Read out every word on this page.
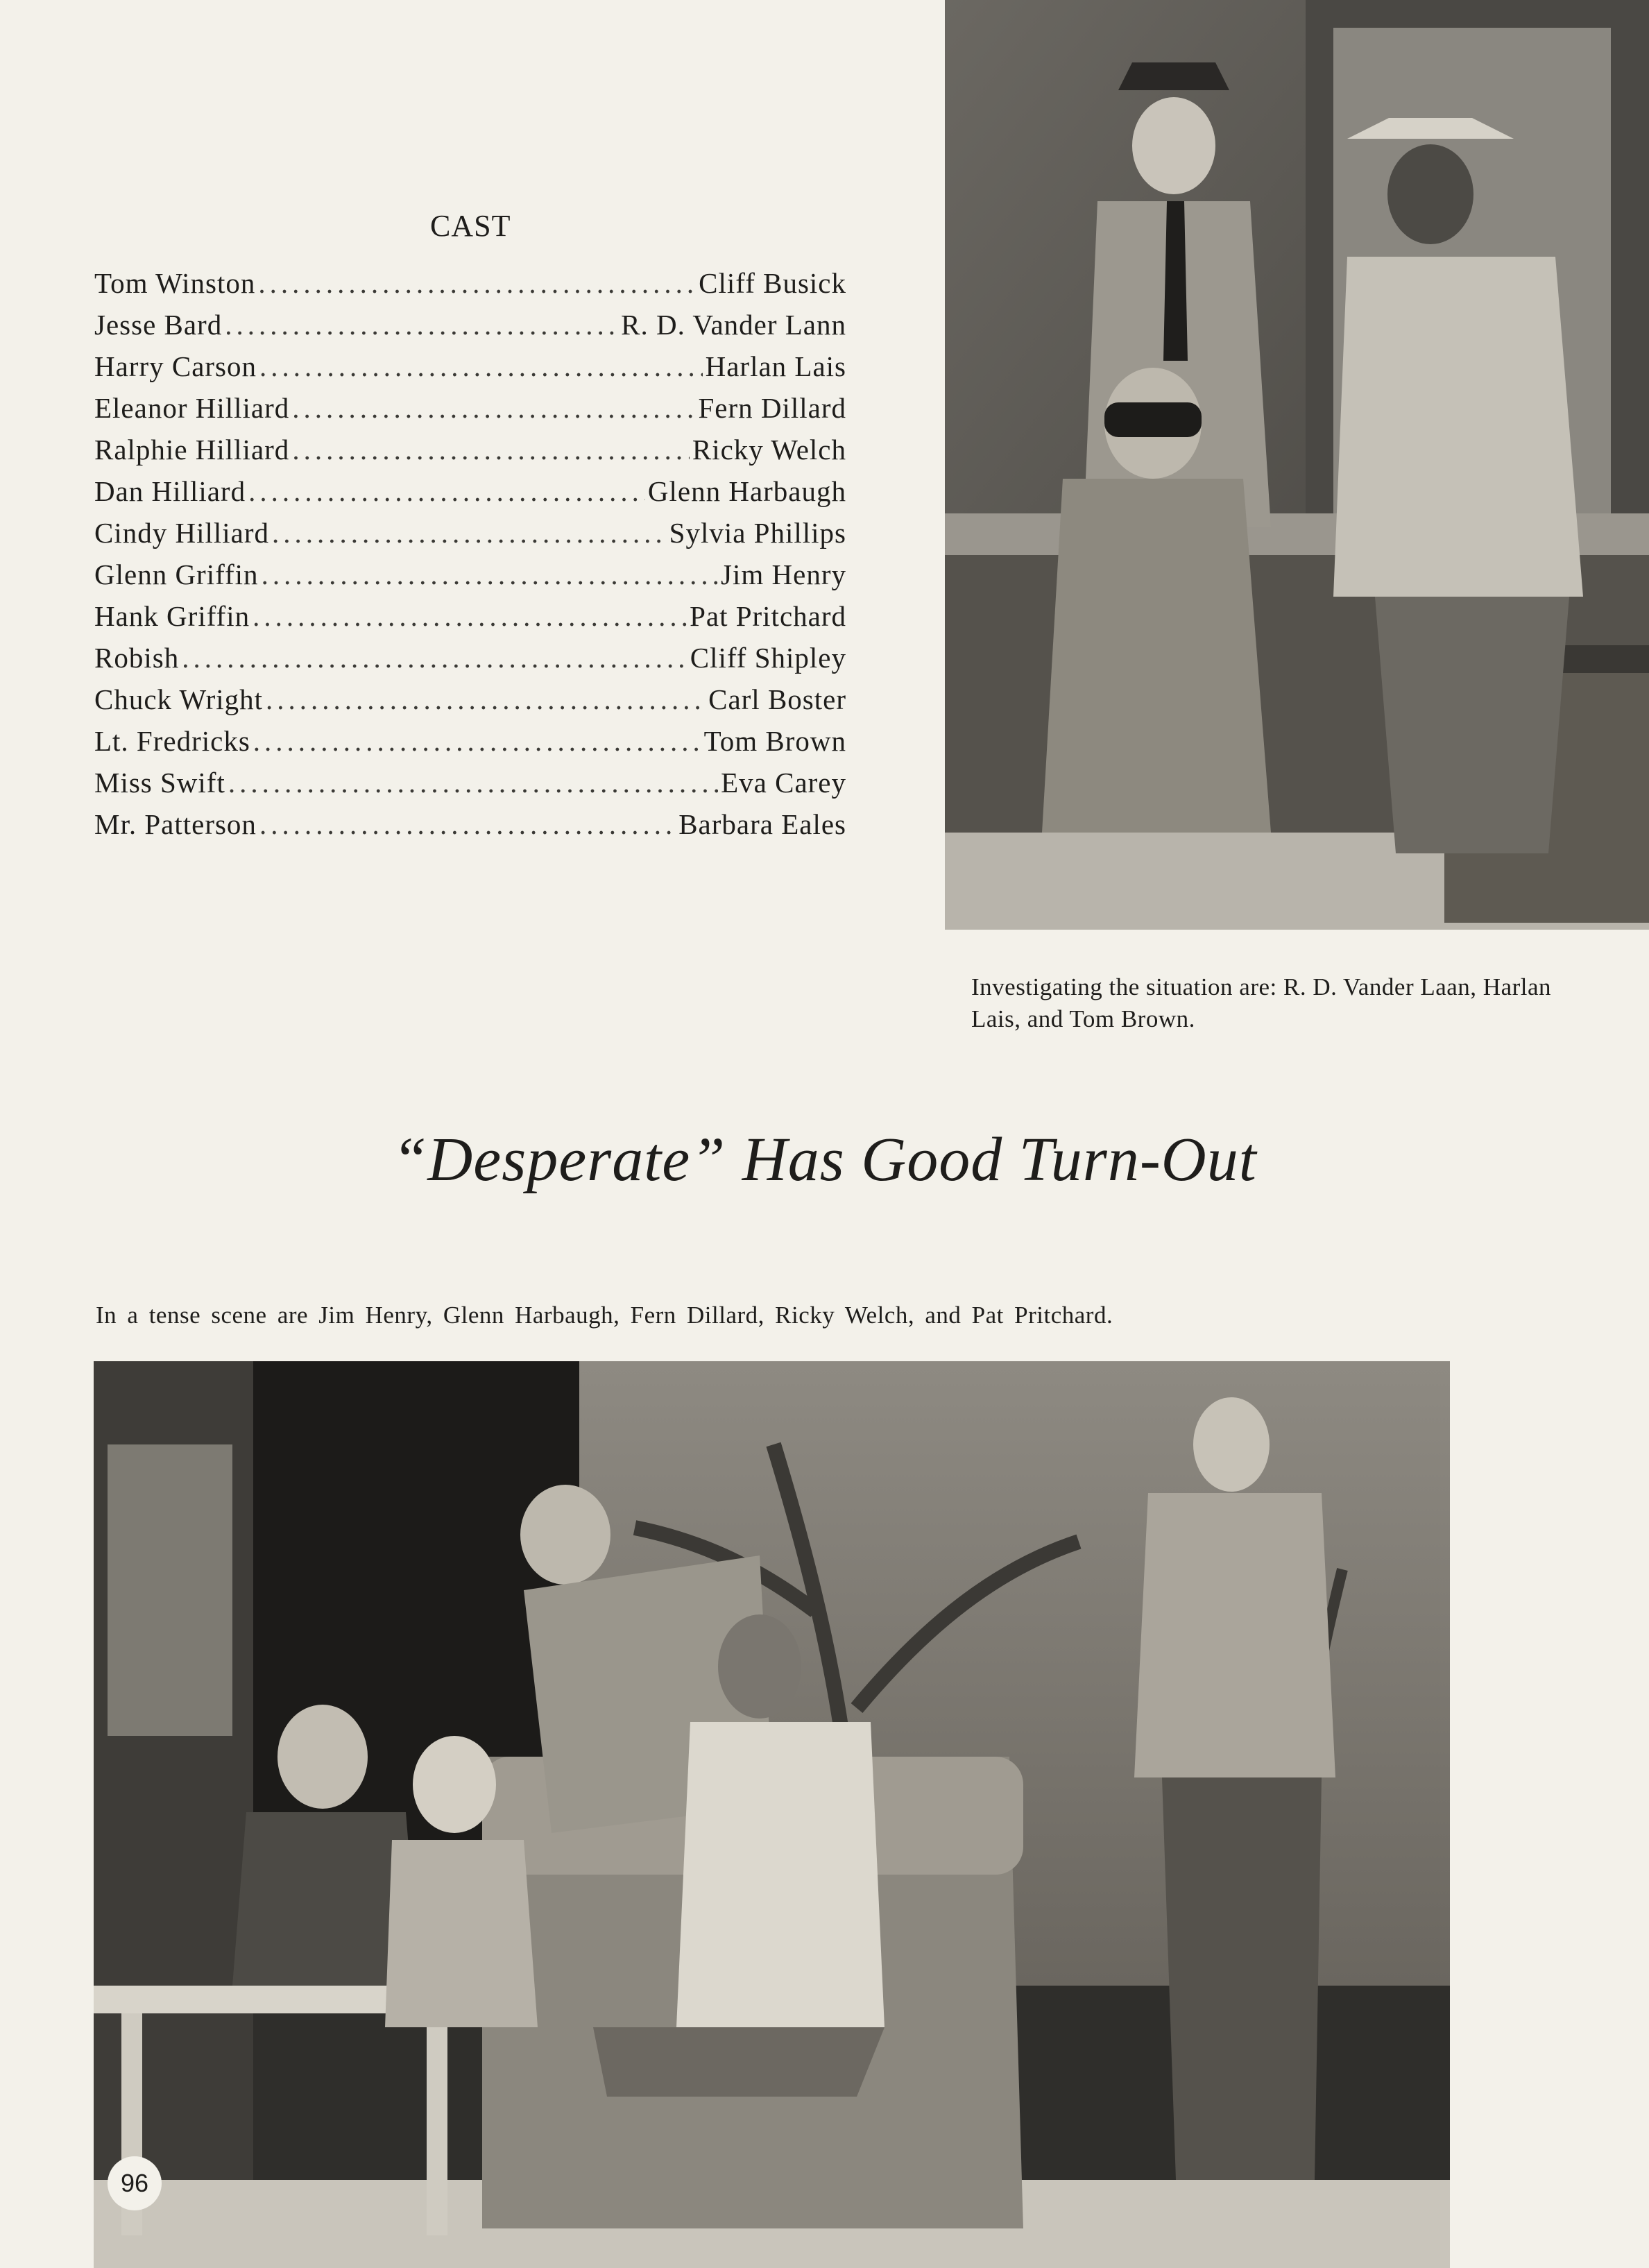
CAST
Tom Winston .....	Cliff Busick
Jesse Bard .....	R. D. Vander Lann
Harry Carson .....	Harlan Lais
Eleanor Hilliard .....	Fern Dillard
Ralphie Hilliard .....	Ricky Welch
Dan Hilliard .....	Glenn Harbaugh
Cindy Hilliard .....	Sylvia Phillips
Glenn Griffin .....	Jim Henry
Hank Griffin .....	Pat Pritchard
Robish .....	Cliff Shipley
Chuck Wright .....	Carl Boster
Lt. Fredricks .....	Tom Brown
Miss Swift .....	Eva Carey
Mr. Patterson .....	Barbara Eales
Investigating the situation are: R. D. Vander Laan, Harlan Lais, and Tom Brown.
“Desperate” Has Good Turn-Out
In a tense scene are Jim Henry, Glenn Harbaugh, Fern Dillard, Ricky Welch, and Pat Pritchard.
96
